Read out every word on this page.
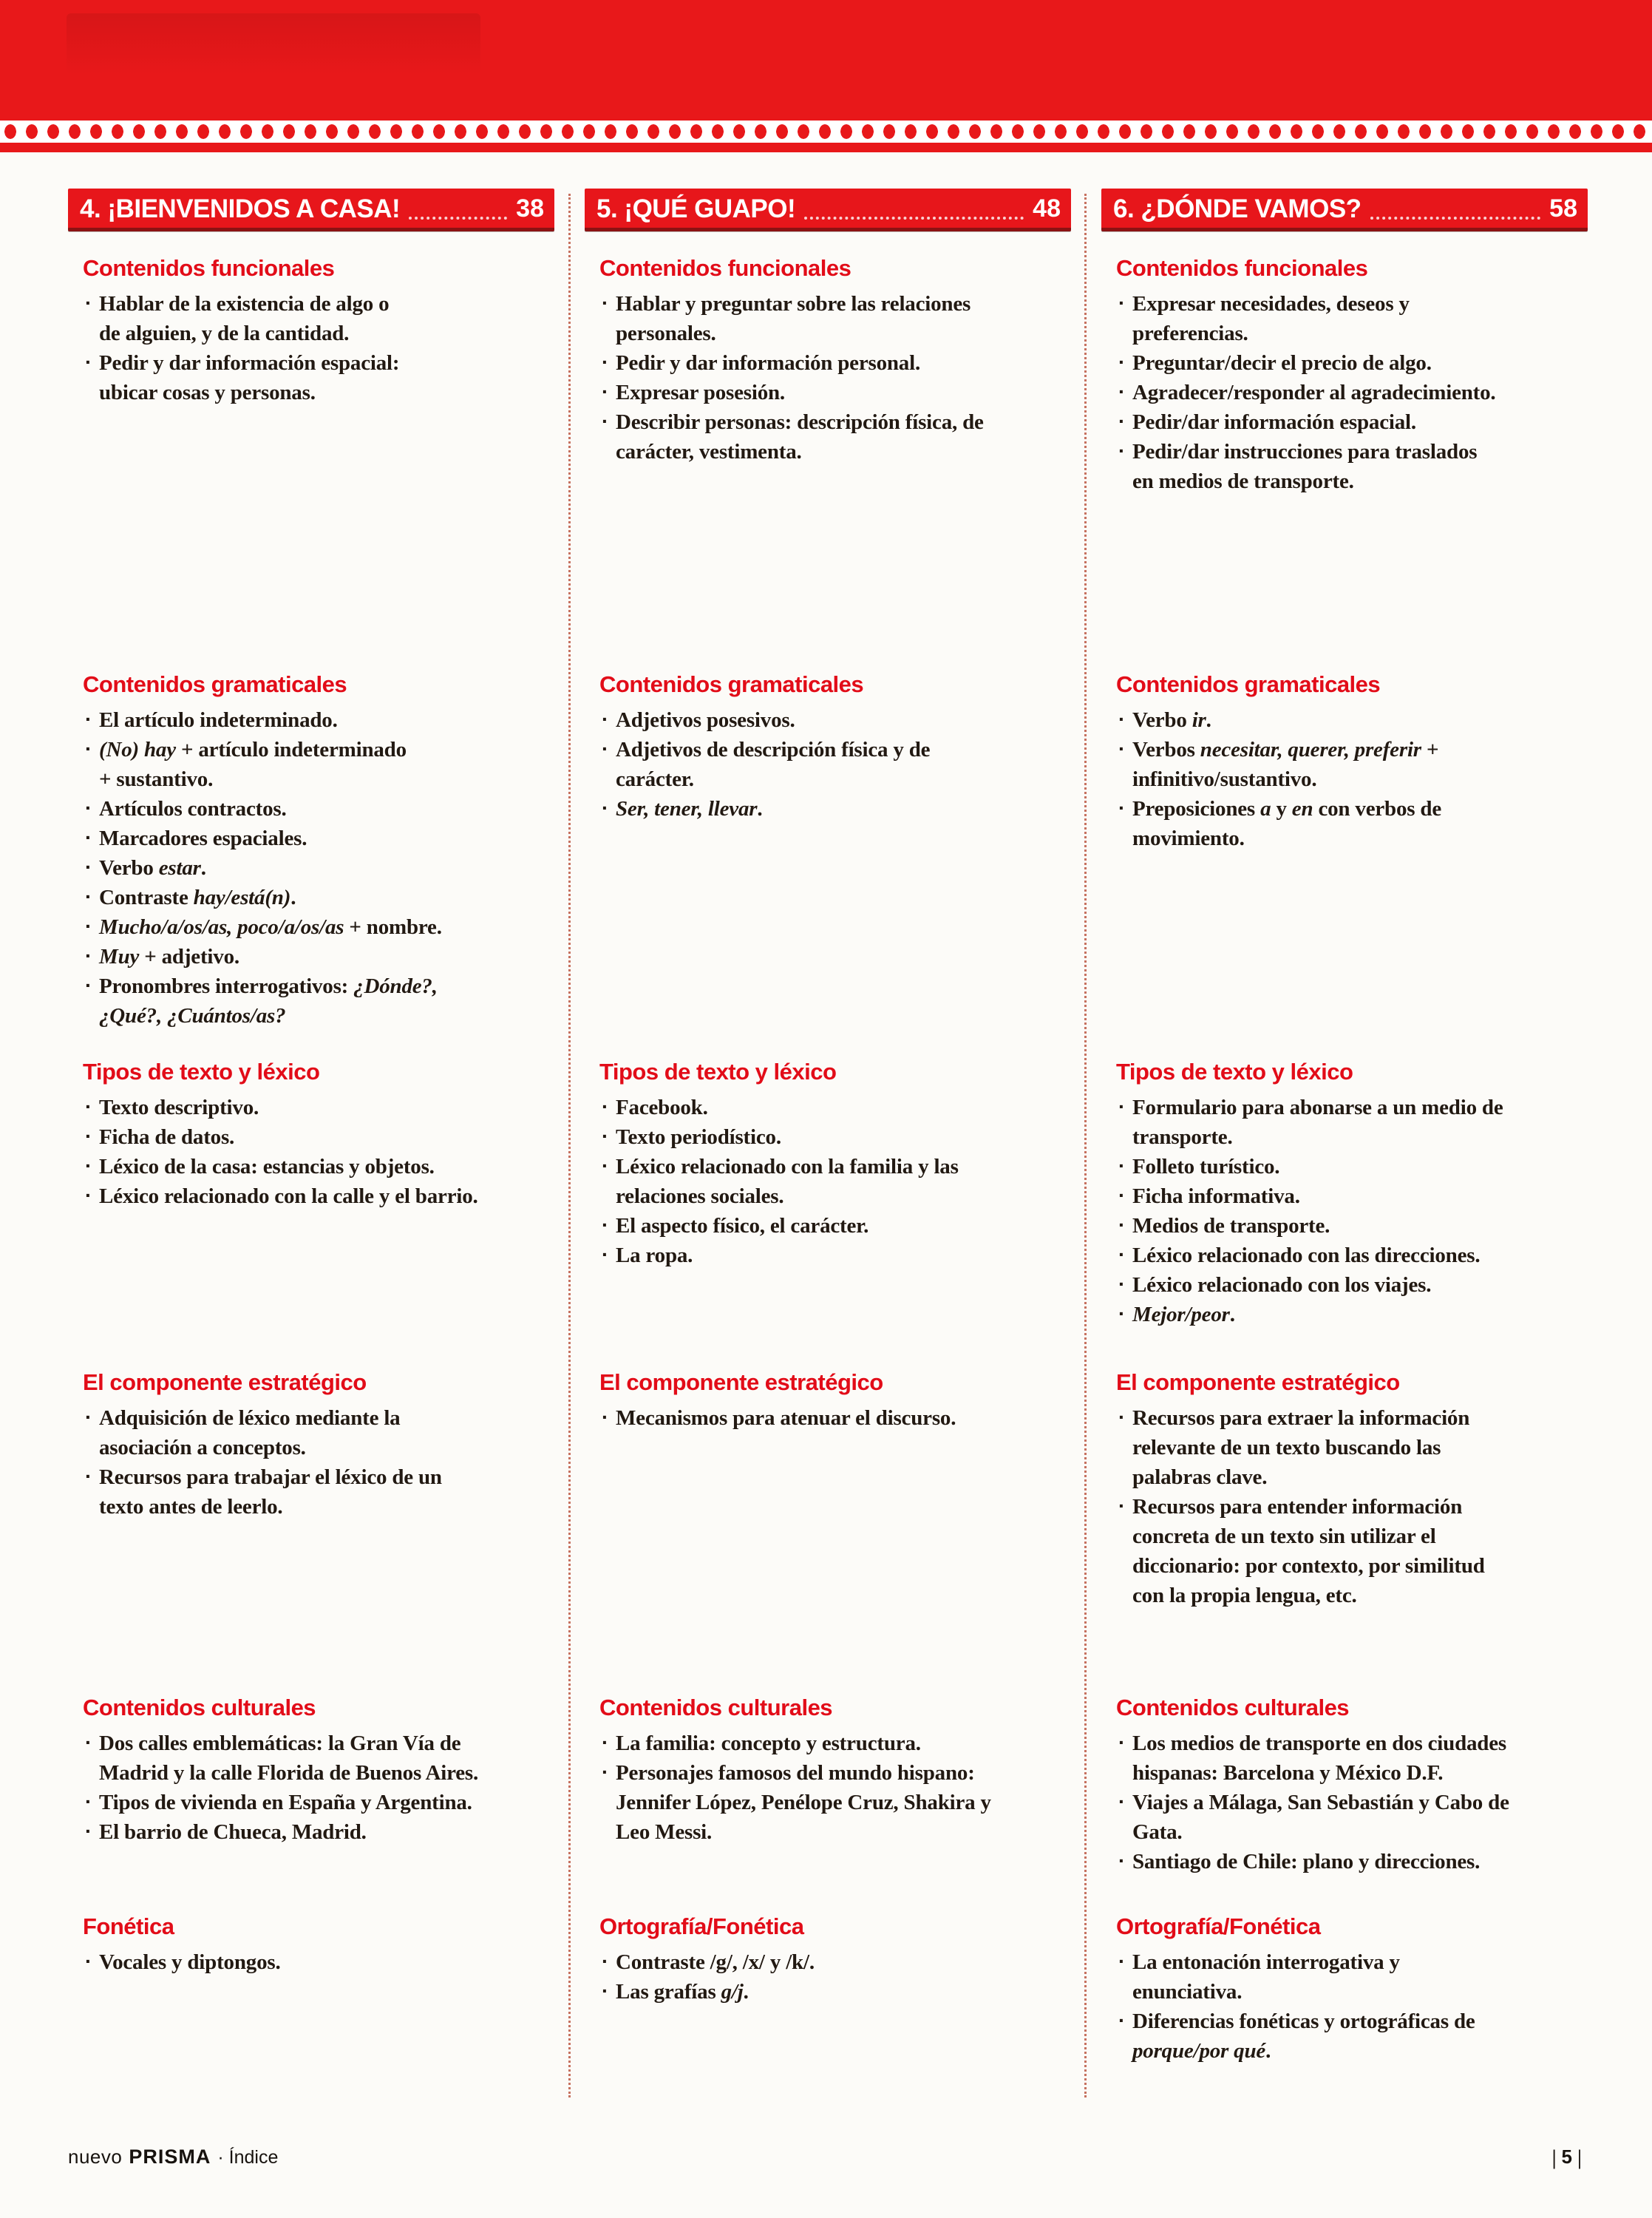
4. ¡BIENVENIDOS A CASA!	38
Contenidos funcionales
· Hablar de la existencia de algo o
de alguien, y de la cantidad.
· Pedir y dar información espacial:
ubicar cosas y personas.
Contenidos gramaticales
· El artículo indeterminado.
· (No) hay + artículo indeterminado
+ sustantivo.
· Artículos contractos.
· Marcadores espaciales.
· Verbo estar.
· Contraste hay/está(n).
· Mucho/a/os/as, poco/a/os/as + nombre.
· Muy + adjetivo.
· Pronombres interrogativos: ¿Dónde?,
¿Qué?, ¿Cuántos/as?
Tipos de texto y léxico
· Texto descriptivo.
· Ficha de datos.
· Léxico de la casa: estancias y objetos.
· Léxico relacionado con la calle y el barrio.
El componente estratégico
· Adquisición de léxico mediante la
asociación a conceptos.
· Recursos para trabajar el léxico de un
texto antes de leerlo.
Contenidos culturales
· Dos calles emblemáticas: la Gran Vía de
Madrid y la calle Florida de Buenos Aires.
· Tipos de vivienda en España y Argentina.
· El barrio de Chueca, Madrid.
Fonética
· Vocales y diptongos.
5. ¡QUÉ GUAPO!	48
Contenidos funcionales
· Hablar y preguntar sobre las relaciones
personales.
· Pedir y dar información personal.
· Expresar posesión.
· Describir personas: descripción física, de
carácter, vestimenta.
Contenidos gramaticales
· Adjetivos posesivos.
· Adjetivos de descripción física y de
carácter.
· Ser, tener, llevar.
Tipos de texto y léxico
· Facebook.
· Texto periodístico.
· Léxico relacionado con la familia y las
relaciones sociales.
· El aspecto físico, el carácter.
· La ropa.
El componente estratégico
· Mecanismos para atenuar el discurso.
Contenidos culturales
· La familia: concepto y estructura.
· Personajes famosos del mundo hispano:
Jennifer López, Penélope Cruz, Shakira y
Leo Messi.
Ortografía/Fonética
· Contraste /g/, /x/ y /k/.
· Las grafías g/j.
6. ¿DÓNDE VAMOS?	58
Contenidos funcionales
· Expresar necesidades, deseos y
preferencias.
· Preguntar/decir el precio de algo.
· Agradecer/responder al agradecimiento.
· Pedir/dar información espacial.
· Pedir/dar instrucciones para traslados
en medios de transporte.
Contenidos gramaticales
· Verbo ir.
· Verbos necesitar, querer, preferir +
infinitivo/sustantivo.
· Preposiciones a y en con verbos de
movimiento.
Tipos de texto y léxico
· Formulario para abonarse a un medio de
transporte.
· Folleto turístico.
· Ficha informativa.
· Medios de transporte.
· Léxico relacionado con las direcciones.
· Léxico relacionado con los viajes.
· Mejor/peor.
El componente estratégico
· Recursos para extraer la información
relevante de un texto buscando las
palabras clave.
· Recursos para entender información
concreta de un texto sin utilizar el
diccionario: por contexto, por similitud
con la propia lengua, etc.
Contenidos culturales
· Los medios de transporte en dos ciudades
hispanas: Barcelona y México D.F.
· Viajes a Málaga, San Sebastián y Cabo de
Gata.
· Santiago de Chile: plano y direcciones.
Ortografía/Fonética
· La entonación interrogativa y
enunciativa.
· Diferencias fonéticas y ortográficas de
porque/por qué.
nuevo PRISMA · Índice	| 5 |
